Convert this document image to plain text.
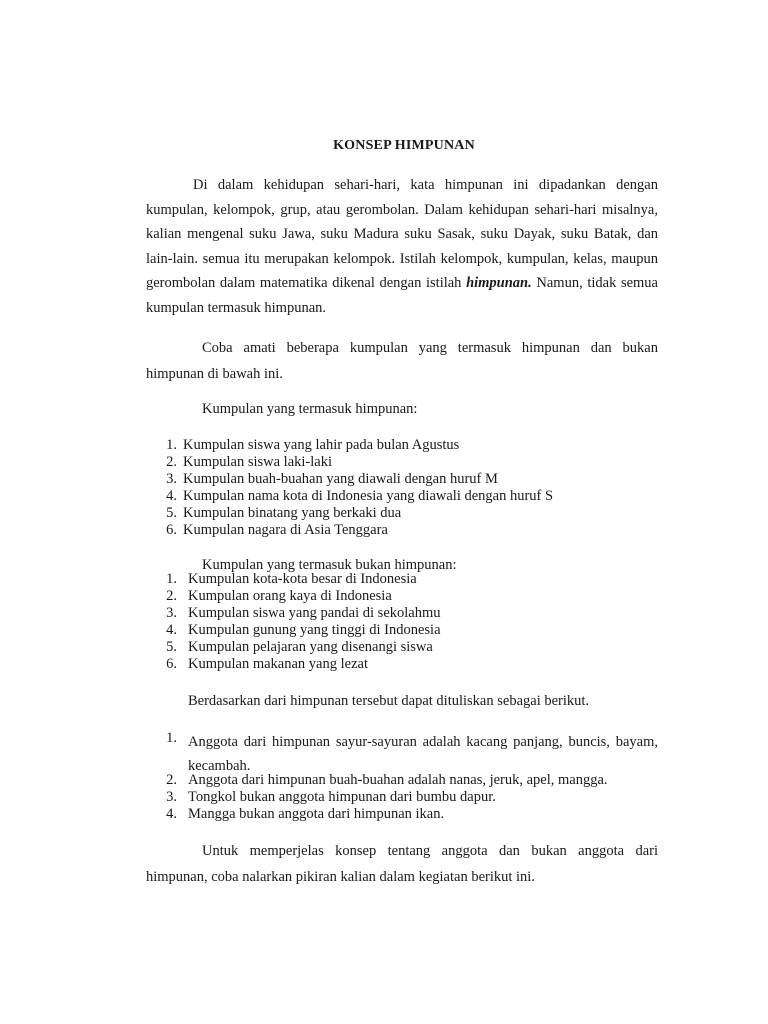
KONSEP HIMPUNAN

Di dalam kehidupan sehari-hari, kata himpunan ini dipadankan dengan kumpulan, kelompok, grup, atau gerombolan. Dalam kehidupan sehari-hari misalnya, kalian mengenal suku Jawa, suku Madura suku Sasak, suku Dayak, suku Batak, dan lain-lain. semua itu merupakan kelompok. Istilah kelompok, kumpulan, kelas, maupun gerombolan dalam matematika dikenal dengan istilah himpunan. Namun, tidak semua kumpulan termasuk himpunan.

Coba amati beberapa kumpulan yang termasuk himpunan dan bukan himpunan di bawah ini.

Kumpulan yang termasuk himpunan:

1. Kumpulan siswa yang lahir pada bulan Agustus
2. Kumpulan siswa laki-laki
3. Kumpulan buah-buahan yang diawali dengan huruf M
4. Kumpulan nama kota di Indonesia yang diawali dengan huruf S
5. Kumpulan binatang yang berkaki dua
6. Kumpulan nagara di Asia Tenggara

Kumpulan yang termasuk bukan himpunan:

1. Kumpulan kota-kota besar di Indonesia
2. Kumpulan orang kaya di Indonesia
3. Kumpulan siswa yang pandai di sekolahmu
4. Kumpulan gunung yang tinggi di Indonesia
5. Kumpulan pelajaran yang disenangi siswa
6. Kumpulan makanan yang lezat

Berdasarkan dari himpunan tersebut dapat dituliskan sebagai berikut.

1. Anggota dari himpunan sayur-sayuran adalah kacang panjang, buncis, bayam, kecambah.
2. Anggota dari himpunan buah-buahan adalah nanas, jeruk, apel, mangga.
3. Tongkol bukan anggota himpunan dari bumbu dapur.
4. Mangga bukan anggota dari himpunan ikan.

Untuk memperjelas konsep tentang anggota dan bukan anggota dari himpunan, coba nalarkan pikiran kalian dalam kegiatan berikut ini.
